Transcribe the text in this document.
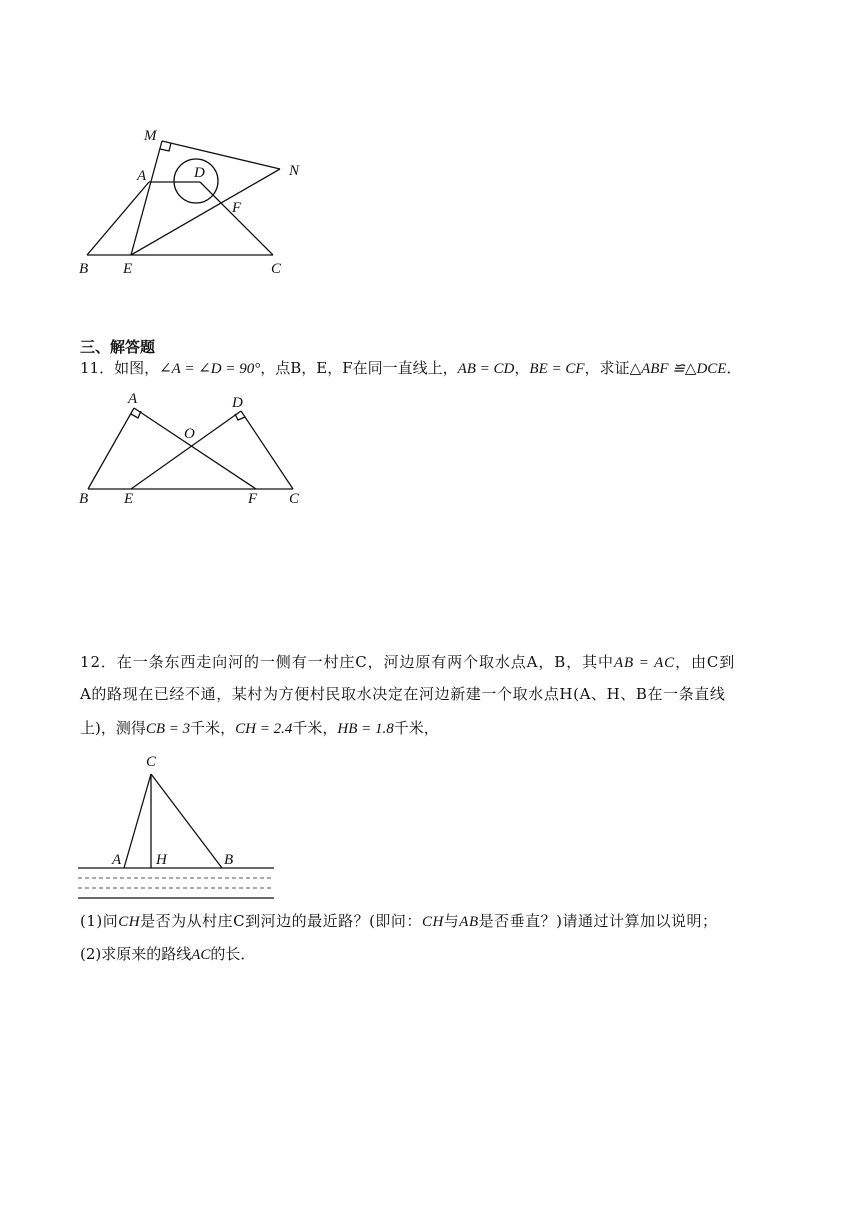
M
N
A	D
F
B E	C
三、解答题
11．如图，∠A = ∠D = 90°，点B，E，F在同一直线上，AB = CD，BE = CF，求证△ABF ≌△DCE．
A	D
O
B E	F C
12．在一条东西走向河的一侧有一村庄C，河边原有两个取水点A，B，其中AB = AC，由C到
A的路现在已经不通，某村为方便村民取水决定在河边新建一个取水点H(A、H、B在一条直线
上)，测得CB = 3千米，CH = 2.4千米，HB = 1.8千米，
C
A H	B
(1)问CH是否为从村庄C到河边的最近路？(即问：CH与AB是否垂直？)请通过计算加以说明；
(2)求原来的路线AC的长．
